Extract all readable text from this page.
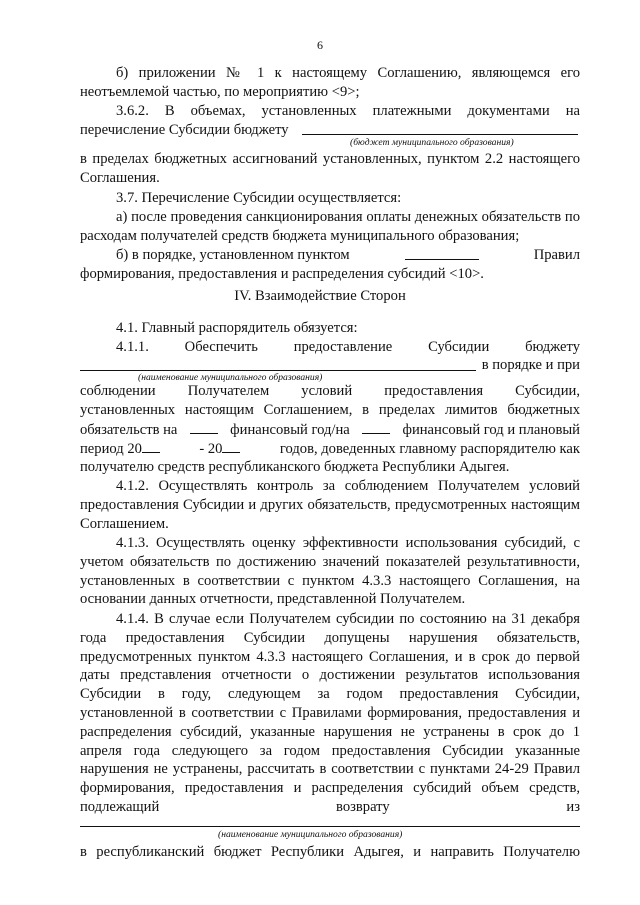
6

б) приложении № 1 к настоящему Соглашению, являющемся его

неотъемлемой частью, по мероприятию <9>;

3.6.2. В объемах, установленных платежными документами на

перечисление Субсидии бюджету

(бюджет муниципального образования)

в пределах бюджетных ассигнований установленных, пунктом 2.2 настоящего Соглашения.

3.7. Перечисление Субсидии осуществляется:

а) после проведения санкционирования оплаты денежных обязательств по расходам получателей средств бюджета муниципального образования;

б) в порядке, установленном пунктом	Правил

формирования, предоставления и распределения субсидий <10>.

IV. Взаимодействие Сторон

4.1. Главный распорядитель обязуется:

4.1.1. Обеспечить предоставление Субсидии бюджету

в порядке и при
(наименование муниципального образования)

соблюдении Получателем условий предоставления Субсидии,

установленных настоящим Соглашением, в пределах лимитов бюджетных

обязательств на	финансовый год/на	финансовый год и плановый
период 20	- 20	годов, доведенных главному распорядителю как

получателю средств республиканского бюджета Республики Адыгея.

4.1.2. Осуществлять контроль за соблюдением Получателем условий предоставления Субсидии и других обязательств, предусмотренных настоящим Соглашением.

4.1.3. Осуществлять оценку эффективности использования субсидий, с учетом обязательств по достижению значений показателей результативности, установленных в соответствии с пунктом 4.3.3 настоящего Соглашения, на основании данных отчетности, представленной Получателем.

4.1.4. В случае если Получателем субсидии по состоянию на 31 декабря года предоставления Субсидии допущены нарушения обязательств, предусмотренных пунктом 4.3.3 настоящего Соглашения, и в срок до первой даты представления отчетности о достижении результатов использования Субсидии в году, следующем за годом предоставления Субсидии, установленной в соответствии с Правилами формирования, предоставления и распределения субсидий, указанные нарушения не устранены в срок до 1 апреля года следующего за годом предоставления Субсидии указанные нарушения не устранены, рассчитать в соответствии с пунктами 24-29 Правил формирования, предоставления и распределения субсидий объем средств, подлежащий возврату из

(наименование муниципального образования)

в республиканский бюджет Республики Адыгея, и направить Получателю
